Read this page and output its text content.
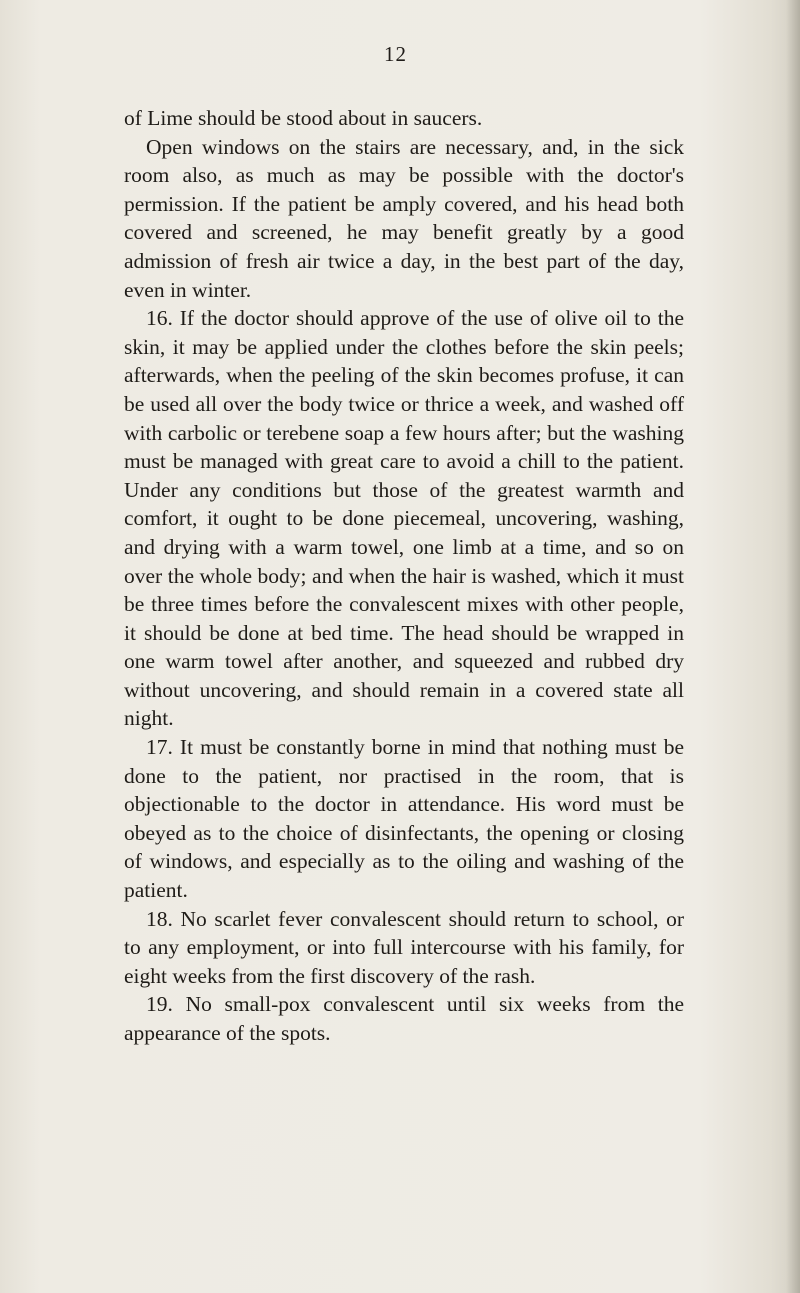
12

of Lime should be stood about in saucers.

Open windows on the stairs are necessary, and, in the sick room also, as much as may be possible with the doctor's permission. If the patient be amply covered, and his head both covered and screened, he may benefit greatly by a good admission of fresh air twice a day, in the best part of the day, even in winter.

16. If the doctor should approve of the use of olive oil to the skin, it may be applied under the clothes before the skin peels; afterwards, when the peeling of the skin becomes profuse, it can be used all over the body twice or thrice a week, and washed off with carbolic or terebene soap a few hours after; but the washing must be managed with great care to avoid a chill to the patient. Under any conditions but those of the greatest warmth and comfort, it ought to be done piecemeal, uncovering, washing, and drying with a warm towel, one limb at a time, and so on over the whole body; and when the hair is washed, which it must be three times before the convalescent mixes with other people, it should be done at bed time. The head should be wrapped in one warm towel after another, and squeezed and rubbed dry without uncovering, and should remain in a covered state all night.

17. It must be constantly borne in mind that nothing must be done to the patient, nor practised in the room, that is objectionable to the doctor in attendance. His word must be obeyed as to the choice of disinfectants, the opening or closing of windows, and especially as to the oiling and washing of the patient.

18. No scarlet fever convalescent should return to school, or to any employment, or into full intercourse with his family, for eight weeks from the first discovery of the rash.

19. No small-pox convalescent until six weeks from the appearance of the spots.
